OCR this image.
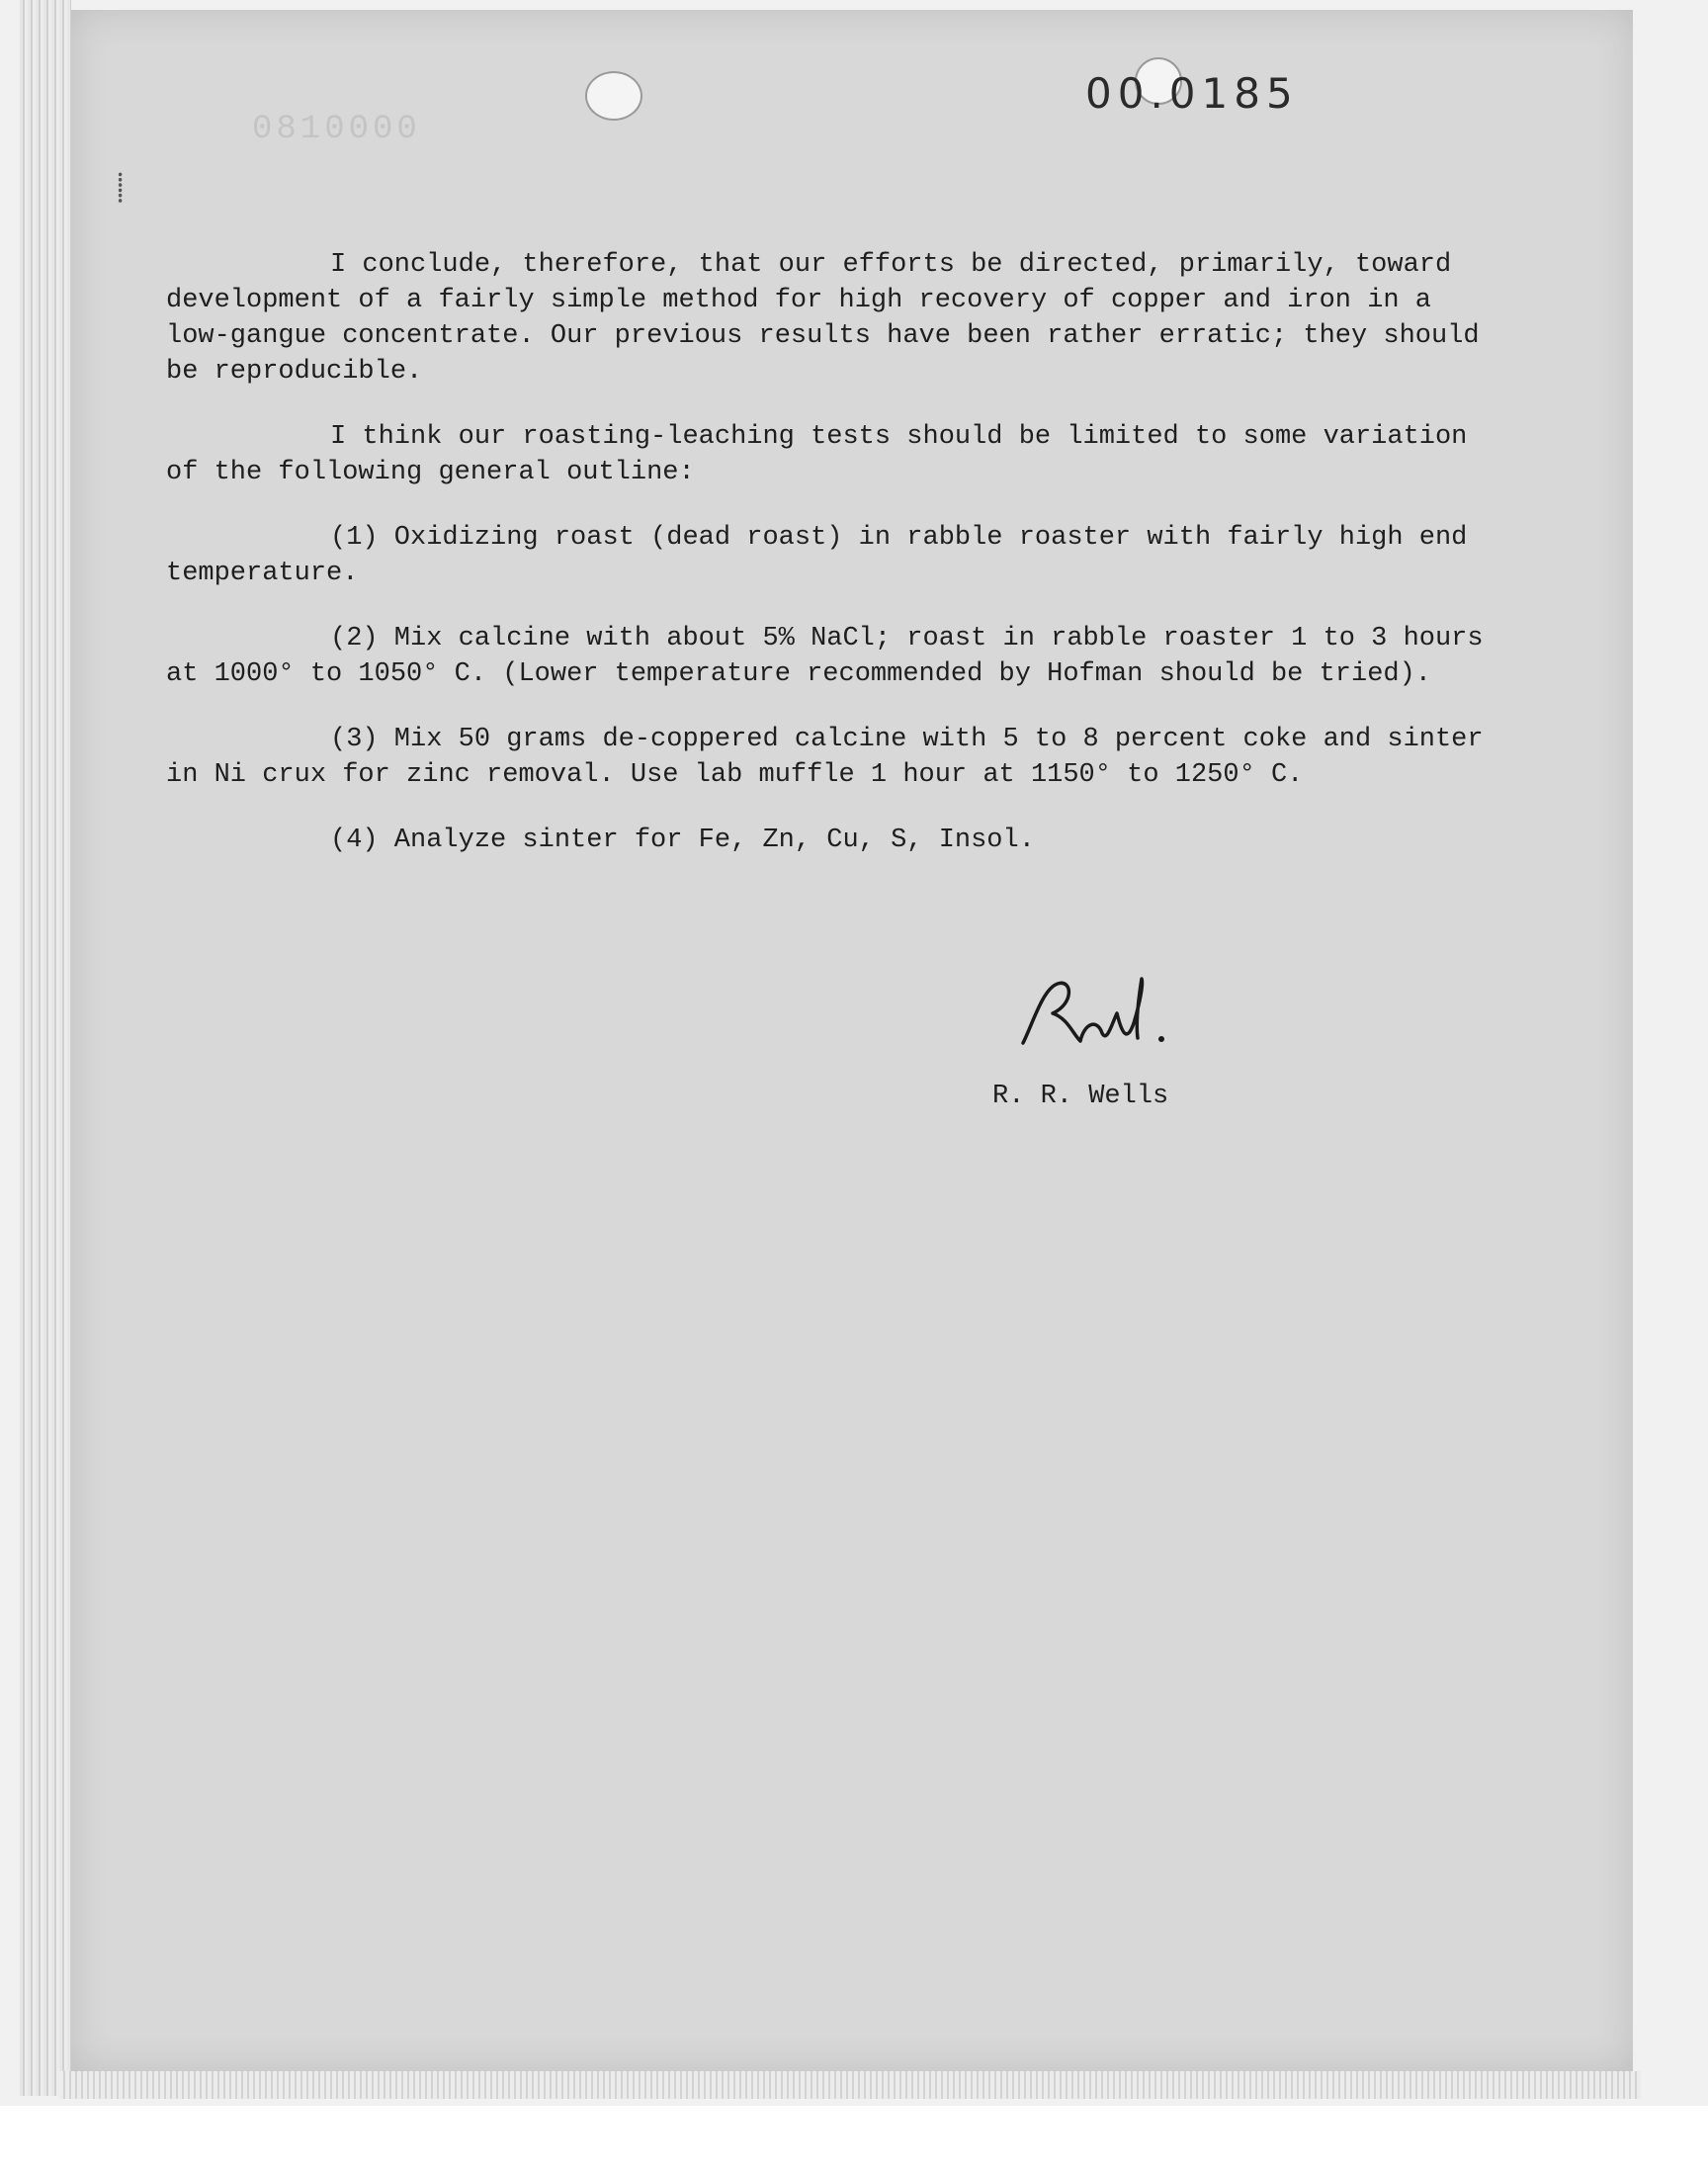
0810000
00.0185
⸽

I conclude, therefore, that our efforts be directed, primarily, toward development of a fairly simple method for high recovery of copper and iron in a low-gangue concentrate. Our previous results have been rather erratic; they should be reproducible.

I think our roasting-leaching tests should be limited to some variation of the following general outline:

(1) Oxidizing roast (dead roast) in rabble roaster with fairly high end temperature.

(2) Mix calcine with about 5% NaCl; roast in rabble roaster 1 to 3 hours at 1000° to 1050° C. (Lower temperature recommended by Hofman should be tried).

(3) Mix 50 grams de-coppered calcine with 5 to 8 percent coke and sinter in Ni crux for zinc removal. Use lab muffle 1 hour at 1150° to 1250° C.

(4) Analyze sinter for Fe, Zn, Cu, S, Insol.

R. R. Wells
